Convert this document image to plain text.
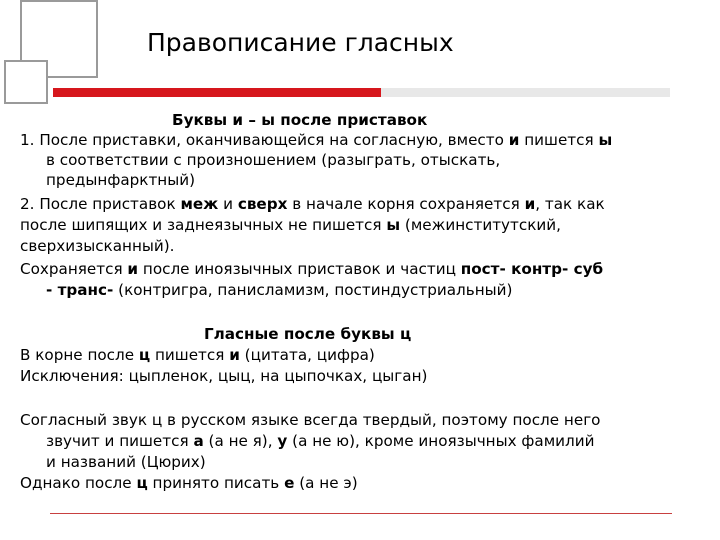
Правописание гласных
Буквы и – ы после приставок
1. После приставки, оканчивающейся на согласную, вместо и пишется ы
в соответствии с произношением (разыграть, отыскать,
предынфарктный)
2. После приставок меж и сверх в начале корня сохраняется и, так как
после шипящих и заднеязычных не пишется ы (межинститутский,
сверхизысканный).
Сохраняется и после иноязычных приставок и частиц пост- контр- суб
- транс- (контригра, панисламизм, постиндустриальный)
Гласные после буквы ц
В корне после ц пишется и (цитата, цифра)
Исключения: цыпленок, цыц, на цыпочках, цыган)
Согласный звук ц в русском языке всегда твердый, поэтому после него
звучит и пишется а (а не я), у (а не ю), кроме иноязычных фамилий
и названий (Цюрих)
Однако после ц принято писать е (а не э)
